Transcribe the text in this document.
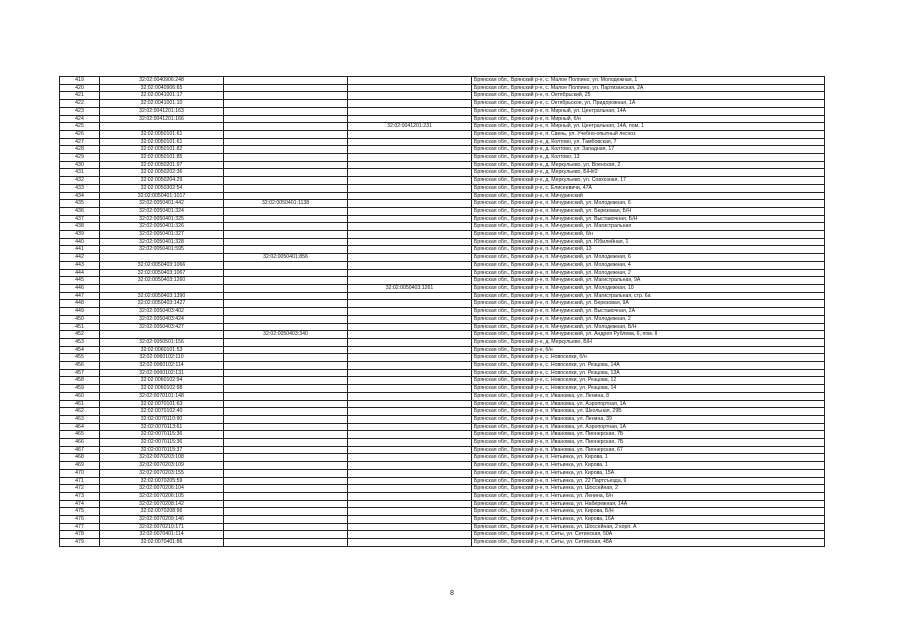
419	32:02:0040906:248			Брянская обл., Брянский р-н, с. Малое Полпино, ул. Молодежная, 1
420	32:02:0040906:65			Брянская обл., Брянский р-н, с. Малое Полпино, ул. Партизанская, 2А
421	32:02:0041001:17			Брянская обл., Брянский р-н, п. Октябрьский, 25
422	32:02:0041001:10			Брянская обл., Брянский р-н, с. Октябрьское, ул. Придорожная, 1А
423	32:02:0041201:163			Брянская обл., Брянский р-н, п. Мирный, ул. Центральная, 14А
424	32:02:0041201:166			Брянская обл., Брянский р-н, п. Мирный, б/н
425			32:02:0041201:231	Брянская обл., Брянский р-н, п. Мирный, ул. Центральная, 14А, пом. 1
426	32:02:0050101:61			Брянская обл., Брянский р-н, п. Свень, ул. Учебно-опытный лесхоз
427	32:02:0050101:61			Брянская обл., Брянский р-н, д. Колтово, ул. Тамбовская, 7
428	32:02:0050101:82			Брянская обл., Брянский р-н, д. Колтово, ул. Западная, 17
429	32:02:0050101:85			Брянская обл., Брянский р-н, д. Колтово, 13
430	32:02:0050201:97			Брянская обл., Брянский р-н, д. Меркульево, ул. Военская, 2
431	32:02:0050202:36			Брянская обл., Брянский р-н, д. Меркульево, Б/Н#2
432	32:02:0050204:29			Брянская обл., Брянский р-н, д. Меркульево, ул. Совхозная, 17
433	32:02:0050302:54			Брянская обл., Брянский р-н, с. Елисеевичи, 47А
434	32:02:0050401:1017			Брянская обл., Брянский р-н, п. Мичуринский
435	32:02:0050401:442	32:02:0050401:1138		Брянская обл., Брянский р-н, п. Мичуринский, ул. Молодежная, 6
436	32:02:0050401:324			Брянская обл., Брянский р-н, п. Мичуринский, ул. Березовая, Б/Н
437	32:02:0050401:325			Брянская обл., Брянский р-н, п. Мичуринский, ул. Выставочная, Б/Н
438	32:02:0050401:326			Брянская обл., Брянский р-н, п. Мичуринский, ул. Магистральная
439	32:02:0050401:327			Брянская обл., Брянский р-н, п. Мичуринский, б/н
440	32:02:0050401:328			Брянская обл., Брянский р-н, п. Мичуринский, ул. Юбилейная, 1
441	32:02:0050401:595			Брянская обл., Брянский р-н, п. Мичуринский, 13
442		32:02:0050401:856		Брянская обл., Брянский р-н, п. Мичуринский, ул. Молодежная, 6
443	32:02:0050403:1066			Брянская обл., Брянский р-н, п. Мичуринский, ул. Молодежная, 4
444	32:02:0050403:1067			Брянская обл., Брянский р-н, п. Мичуринский, ул. Молодежная, 2
445	32:02:0050403:1260			Брянская обл., Брянский р-н, п. Мичуринский, ул. Магистральная, 9А
446			32:02:0050403:1261	Брянская обл., Брянский р-н, п. Мичуринский, ул. Молодежная, 10
447	32:02:0050403:1390			Брянская обл., Брянский р-н, п. Мичуринский, ул. Магистральная, стр. 6а
448	32:02:0050403:1427			Брянская обл., Брянский р-н, п. Мичуринский, ул. Березовая, 9А
449	32:02:0050403:402			Брянская обл., Брянский р-н, п. Мичуринский, ул. Выставочная, 2А
450	32:02:0050403:424			Брянская обл., Брянский р-н, п. Мичуринский, ул. Молодежная, 2
451	32:02:0050403:427			Брянская обл., Брянский р-н, п. Мичуринский, ул. Молодежная, Б/Н
452		32:02:0050403:340		Брянская обл., Брянский р-н, п. Мичуринский, ул. Андрея Рублева, 6, пом. II
453	32:02:0050501:156			Брянская обл., Брянский р-н, д. Меркульево, Б/Н
454	32:02:0060101:53			Брянская обл., Брянский р-н, б/н
455	32:02:0060102:110			Брянская обл., Брянский р-н, с. Новоселки, б/н
456	32:02:0060102:114			Брянская обл., Брянский р-н, с. Новоселки, ул. Резцова, 14А
457	32:02:0060102:131			Брянская обл., Брянский р-н, с. Новоселки, ул. Резцова, 13А
458	32:02:0060102:94			Брянская обл., Брянский р-н, с. Новоселки, ул. Резцова, 12
459	32:02:0060102:98			Брянская обл., Брянский р-н, с. Новоселки, ул. Резцова, 14
460	32:02:0070101:148			Брянская обл., Брянский р-н, п. Ивановка, ул. Ленина, 8
461	32:02:0070101:63			Брянская обл., Брянский р-н, п. Ивановка, ул. Аэропортная, 1А
462	32:02:0070102:40			Брянская обл., Брянский р-н, п. Ивановка, ул. Школьная, 29Б
463	32:02:0070110:90			Брянская обл., Брянский р-н, п. Ивановка, ул. Ленина, 39
464	32:02:0070113:61			Брянская обл., Брянский р-н, п. Ивановка, ул. Аэропортная, 1А
465	32:02:0070115:36			Брянская обл., Брянский р-н, п. Ивановка, ул. Пионерская, 7Б
466	32:02:0070115:36			Брянская обл., Брянский р-н, п. Ивановка, ул. Пионерская, 7Б
467	32:02:0070115:37			Брянская обл., Брянский р-н, п. Ивановка, ул. Пионерская, 67
468	32:02:0070203:108			Брянская обл., Брянский р-н, п. Нетьинка, ул. Кирова, 1
469	32:02:0070203:109			Брянская обл., Брянский р-н, п. Нетьинка, ул. Кирова, 1
470	32:02:0070203:155			Брянская обл., Брянский р-н, п. Нетьинка, ул. Кирова, 15А
471	32:02:0070205:59			Брянская обл., Брянский р-н, п. Нетьинка, ул. 22 Партсъезда, 9
472	32:02:0070206:104			Брянская обл., Брянский р-н, п. Нетьинка, ул. Шоссейная, 2
473	32:02:0070206:105			Брянская обл., Брянский р-н, п. Нетьинка, ул. Ленина, б/н
474	32:02:0070208:142			Брянская обл., Брянский р-н, п. Нетьинка, ул. Набережная, 14А
475	32:02:0070208:96			Брянская обл., Брянский р-н, п. Нетьинка, ул. Кирова, Б/Н
476	32:02:0070209:146			Брянская обл., Брянский р-н, п. Нетьинка, ул. Кирова, 16А
477	32:02:0070210:171			Брянская обл., Брянский р-н, п. Нетьинка, ул. Шоссейная, 2 корп. А
478	32:02:0070401:114			Брянская обл., Брянский р-н, п. Сеты, ул. Сетинская, 50А
479	32:02:0070401:86			Брянская обл., Брянский р-н, п. Сеты, ул. Сетинская, 48А
8
